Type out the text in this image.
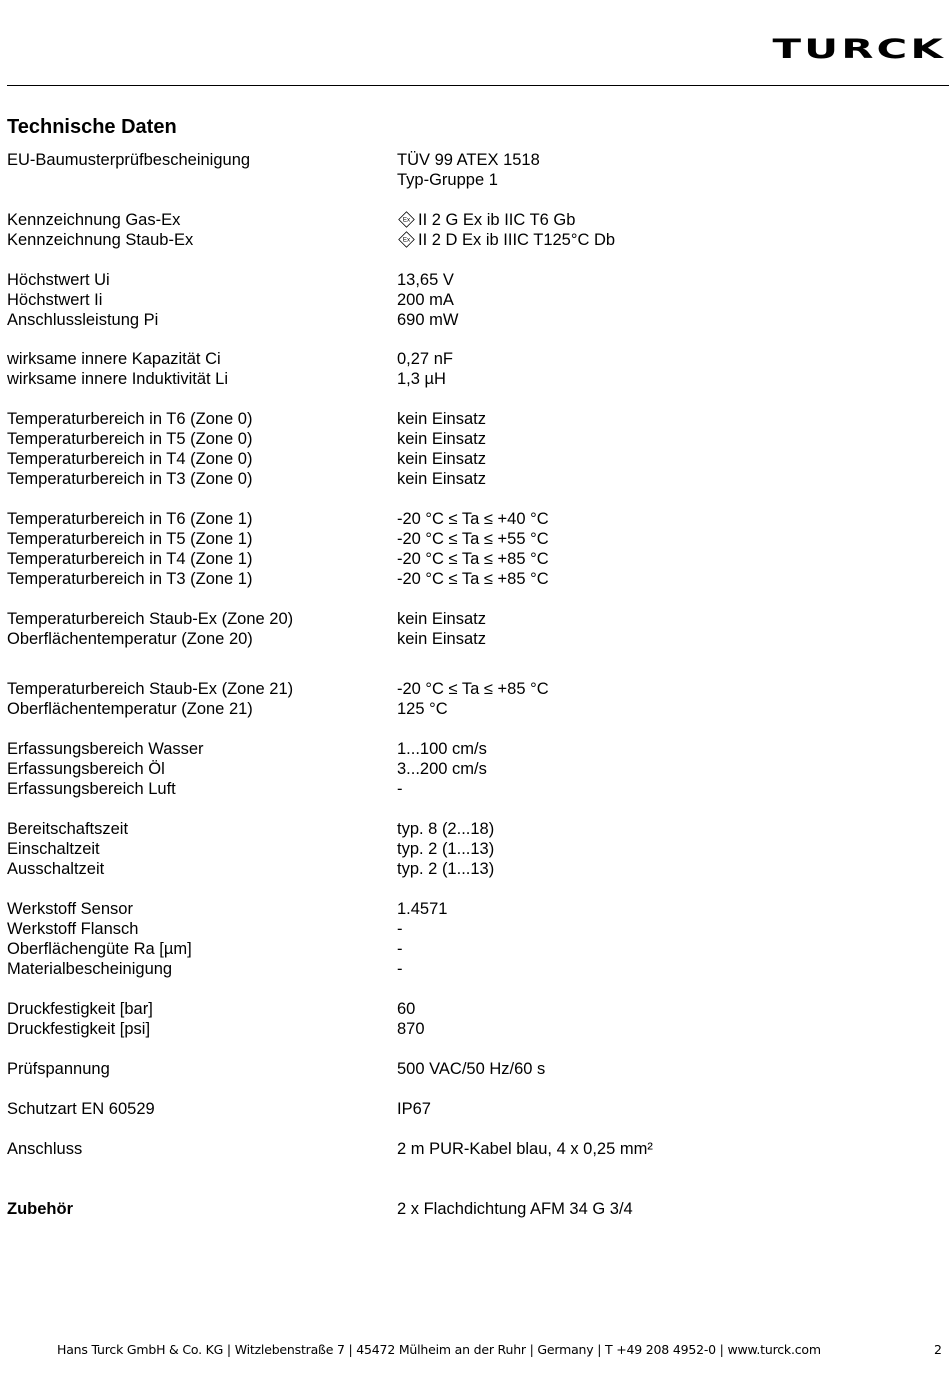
TURCK
Technische Daten
EU-Baumusterprüfbescheinigung	TÜV 99 ATEX 1518
Typ-Gruppe 1
Kennzeichnung Gas-Ex	Ex II 2 G Ex ib IIC T6 Gb
Kennzeichnung Staub-Ex	Ex II 2 D Ex ib IIIC T125°C Db
Höchstwert Ui	13,65 V
Höchstwert Ii	200 mA
Anschlussleistung Pi	690 mW
wirksame innere Kapazität Ci	0,27 nF
wirksame innere Induktivität Li	1,3 µH
Temperaturbereich in T6 (Zone 0)	kein Einsatz
Temperaturbereich in T5 (Zone 0)	kein Einsatz
Temperaturbereich in T4 (Zone 0)	kein Einsatz
Temperaturbereich in T3 (Zone 0)	kein Einsatz
Temperaturbereich in T6 (Zone 1)	-20 °C ≤ Ta ≤ +40 °C
Temperaturbereich in T5 (Zone 1)	-20 °C ≤ Ta ≤ +55 °C
Temperaturbereich in T4 (Zone 1)	-20 °C ≤ Ta ≤ +85 °C
Temperaturbereich in T3 (Zone 1)	-20 °C ≤ Ta ≤ +85 °C
Temperaturbereich Staub-Ex (Zone 20)	kein Einsatz
Oberflächentemperatur (Zone 20)	kein Einsatz
Temperaturbereich Staub-Ex (Zone 21)	-20 °C ≤ Ta ≤ +85 °C
Oberflächentemperatur (Zone 21)	125 °C
Erfassungsbereich Wasser	1...100 cm/s
Erfassungsbereich Öl	3...200 cm/s
Erfassungsbereich Luft	-
Bereitschaftszeit	typ. 8 (2...18)
Einschaltzeit	typ. 2 (1...13)
Ausschaltzeit	typ. 2 (1...13)
Werkstoff Sensor	1.4571
Werkstoff Flansch	-
Oberflächengüte Ra [µm]	-
Materialbescheinigung	-
Druckfestigkeit [bar]	60
Druckfestigkeit [psi]	870
Prüfspannung	500 VAC/50 Hz/60 s
Schutzart EN 60529	IP67
Anschluss	2 m PUR-Kabel blau, 4 x 0,25 mm²
Zubehör	2 x Flachdichtung AFM 34 G 3/4
Hans Turck GmbH & Co. KG | Witzlebenstraße 7 | 45472 Mülheim an der Ruhr | Germany | T +49 208 4952-0 | www.turck.com	2
